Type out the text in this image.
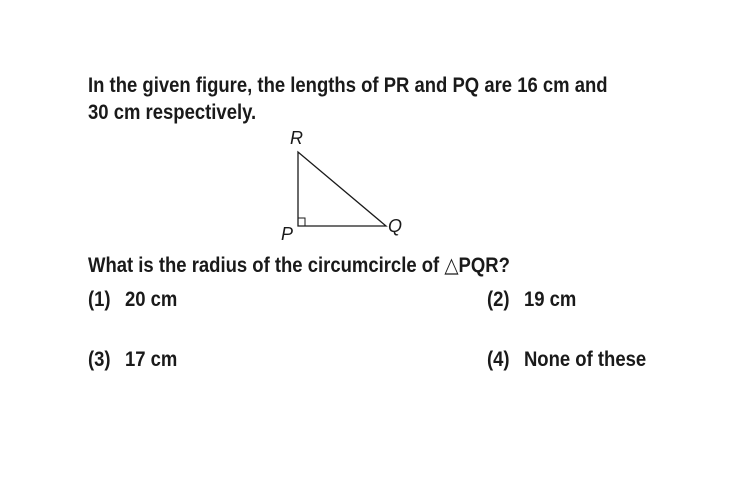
In the given figure, the lengths of PR and PQ are 16 cm and
30 cm respectively.
R
P	Q
What is the radius of the circumcircle of △PQR?
(1) 20 cm	(2) 19 cm
(3) 17 cm	(4) None of these
